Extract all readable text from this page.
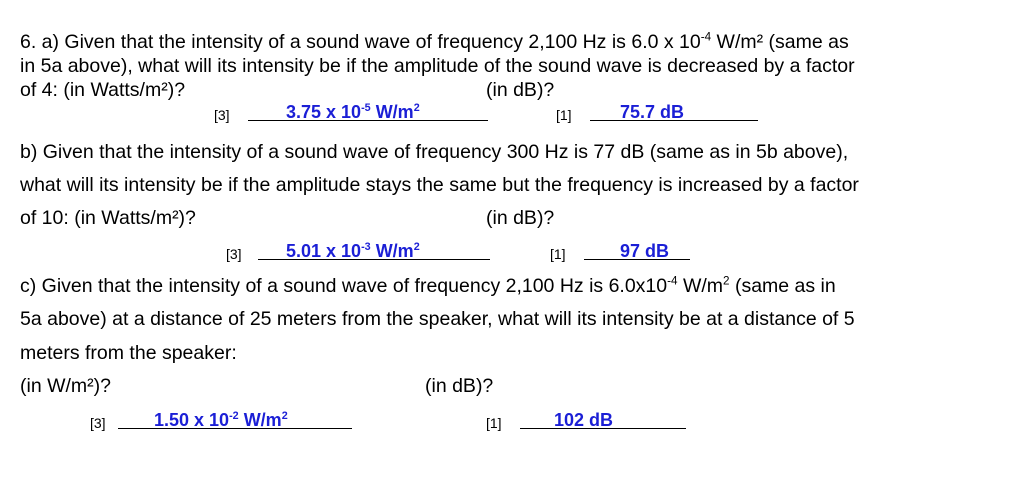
6. a) Given that the intensity of a sound wave of frequency 2,100 Hz is 6.0 x $10^{-4}$ W/m² (same as
in 5a above), what will its intensity be if the amplitude of the sound wave is decreased by a factor
of 4: (in Watts/m²)?	(in dB)?
[3]	3.75 x $10^{-5}$ $W/m^2$	[1]	75.7 dB
b) Given that the intensity of a sound wave of frequency 300 Hz is 77 dB (same as in 5b above),
what will its intensity be if the amplitude stays the same but the frequency is increased by a factor
of 10: (in Watts/m²)?	(in dB)?
[3] 5.01 x $10^{-3}$ $W/m^2$	[1]	97 dB
c) Given that the intensity of a sound wave of frequency 2,100 Hz is $6.0x10^{-4}$ $W/m^2$ (same as in
5a above) at a distance of 25 meters from the speaker, what will its intensity be at a distance of 5
meters from the speaker:
(in W/m²)?	(in dB)?
[3]	1.50 x $10^{-2}$ $W/m^2$	[1]	102 dB
